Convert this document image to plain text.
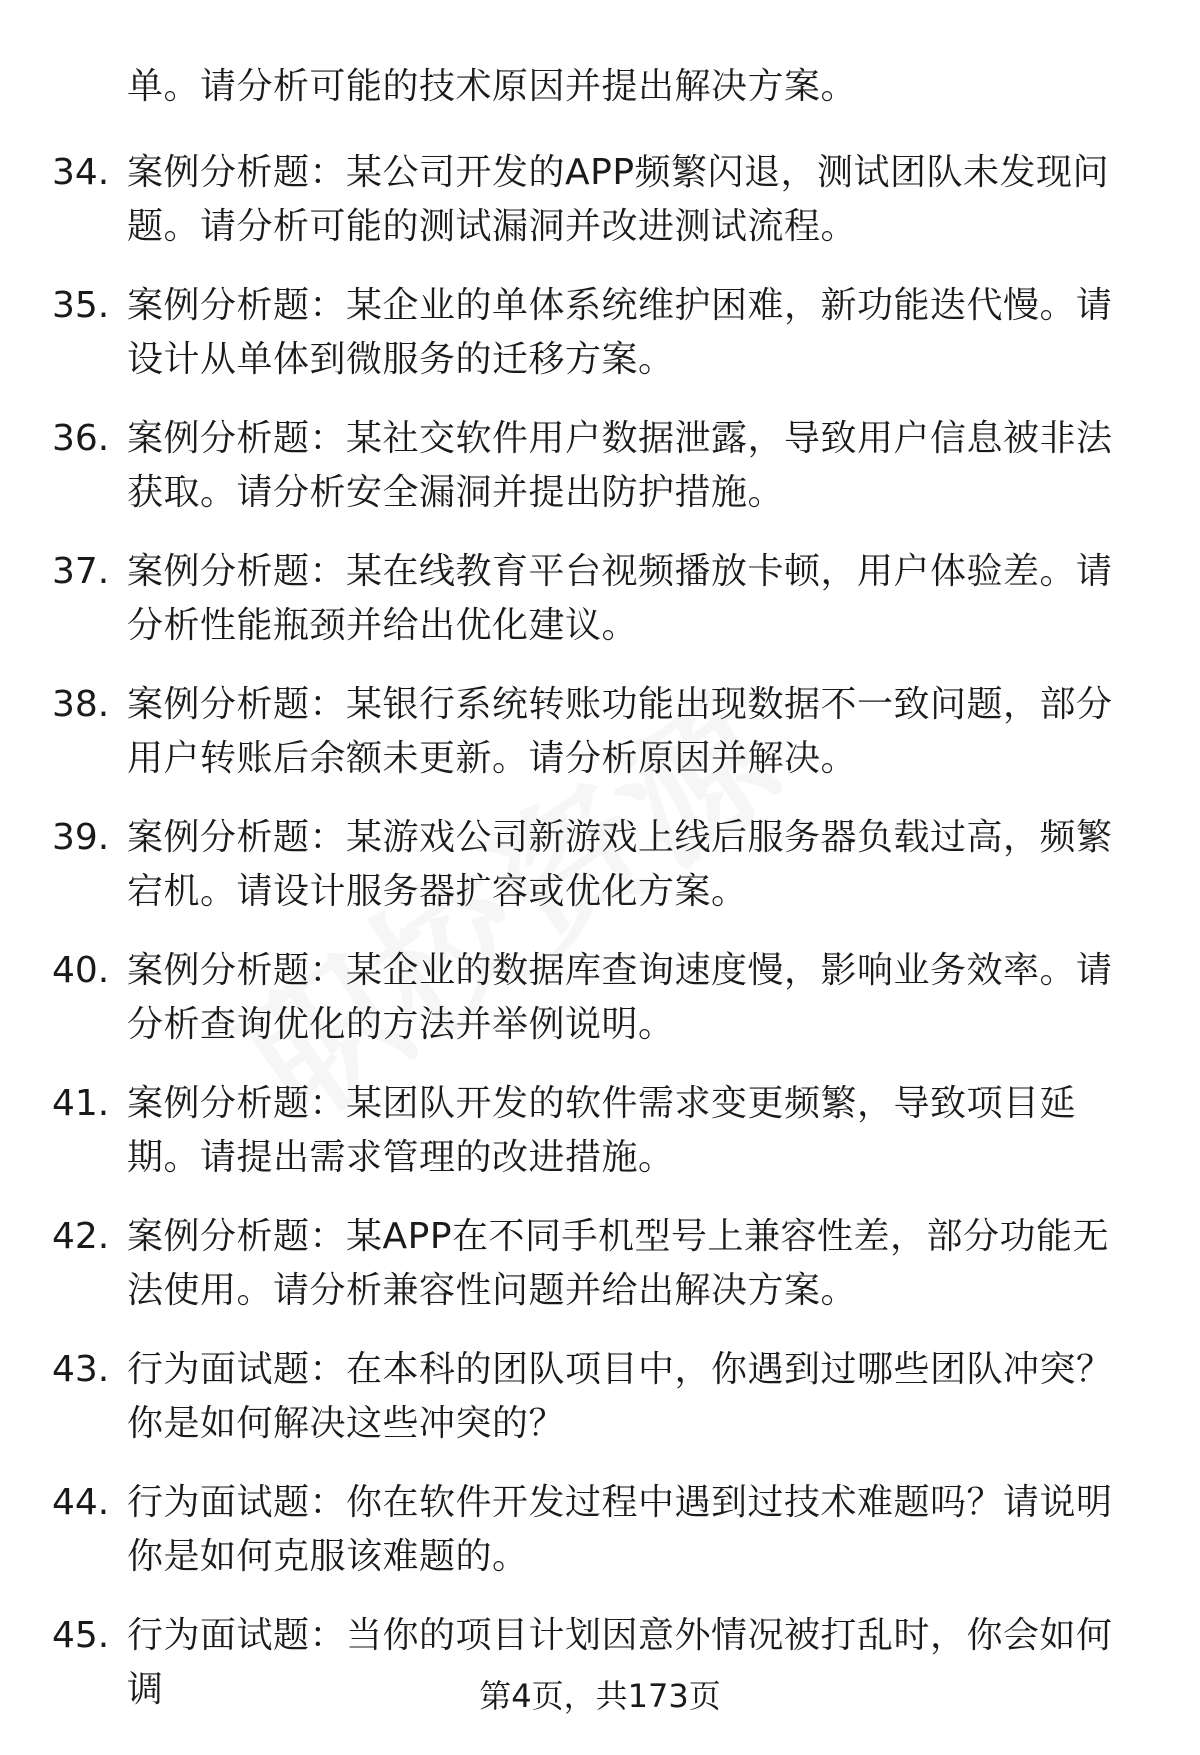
单。请分析可能的技术原因并提出解决方案。
34. 案例分析题：某公司开发的APP频繁闪退，测试团队未发现问题。请分析可能的测试漏洞并改进测试流程。
35. 案例分析题：某企业的单体系统维护困难，新功能迭代慢。请设计从单体到微服务的迁移方案。
36. 案例分析题：某社交软件用户数据泄露，导致用户信息被非法获取。请分析安全漏洞并提出防护措施。
37. 案例分析题：某在线教育平台视频播放卡顿，用户体验差。请分析性能瓶颈并给出优化建议。
38. 案例分析题：某银行系统转账功能出现数据不一致问题，部分用户转账后余额未更新。请分析原因并解决。
39. 案例分析题：某游戏公司新游戏上线后服务器负载过高，频繁宕机。请设计服务器扩容或优化方案。
40. 案例分析题：某企业的数据库查询速度慢，影响业务效率。请分析查询优化的方法并举例说明。
41. 案例分析题：某团队开发的软件需求变更频繁，导致项目延期。请提出需求管理的改进措施。
42. 案例分析题：某APP在不同手机型号上兼容性差，部分功能无法使用。请分析兼容性问题并给出解决方案。
43. 行为面试题：在本科的团队项目中，你遇到过哪些团队冲突？你是如何解决这些冲突的？
44. 行为面试题：你在软件开发过程中遇到过技术难题吗？请说明你是如何克服该难题的。
45. 行为面试题：当你的项目计划因意外情况被打乱时，你会如何调	第4页，共173页
